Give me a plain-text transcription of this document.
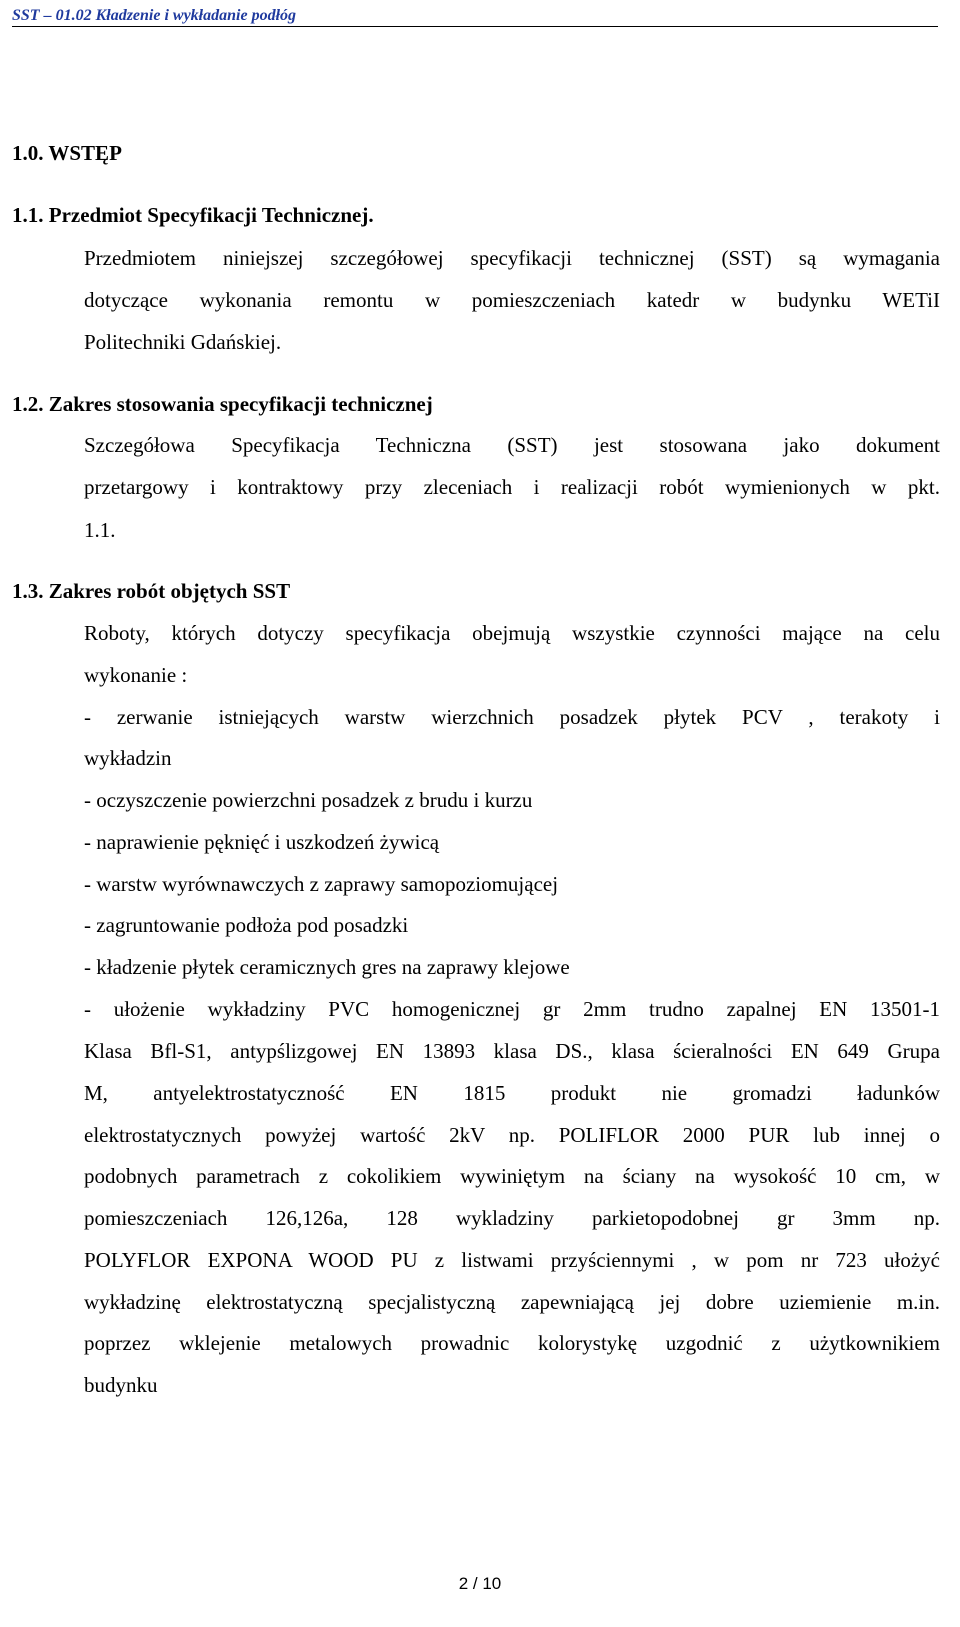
SST – 01.02 Kładzenie i wykładanie podłóg
1.0. WSTĘP
1.1. Przedmiot Specyfikacji Technicznej.
Przedmiotem niniejszej szczegółowej specyfikacji technicznej (SST) są wymagania
dotyczące wykonania remontu w pomieszczeniach katedr w budynku WETiI
Politechniki Gdańskiej.
1.2. Zakres stosowania specyfikacji technicznej
Szczegółowa Specyfikacja Techniczna (SST) jest stosowana jako dokument
przetargowy i kontraktowy przy zleceniach i realizacji robót wymienionych w pkt.
1.1.
1.3. Zakres robót objętych SST
Roboty, których dotyczy specyfikacja obejmują wszystkie czynności mające na celu
wykonanie :
- zerwanie istniejących warstw wierzchnich posadzek płytek PCV , terakoty i
wykładzin
- oczyszczenie powierzchni posadzek z brudu i kurzu
- naprawienie pęknięć i uszkodzeń żywicą
- warstw wyrównawczych z zaprawy samopoziomującej
- zagruntowanie podłoża pod posadzki
- kładzenie płytek ceramicznych gres na zaprawy klejowe
- ułożenie wykładziny PVC homogenicznej gr 2mm trudno zapalnej EN 13501-1
Klasa Bfl-S1, antypślizgowej EN 13893 klasa DS., klasa ścieralności EN 649 Grupa
M, antyelektrostatyczność EN 1815 produkt nie gromadzi ładunków
elektrostatycznych powyżej wartość 2kV np. POLIFLOR 2000 PUR lub innej o
podobnych parametrach z cokolikiem wywiniętym na ściany na wysokość 10 cm, w
pomieszczeniach 126,126a, 128 wykladziny parkietopodobnej gr 3mm np.
POLYFLOR EXPONA WOOD PU z listwami przyściennymi , w pom nr 723 ułożyć
wykładzinę elektrostatyczną specjalistyczną zapewniającą jej dobre uziemienie m.in.
poprzez wklejenie metalowych prowadnic kolorystykę uzgodnić z użytkownikiem
budynku
2 / 10
